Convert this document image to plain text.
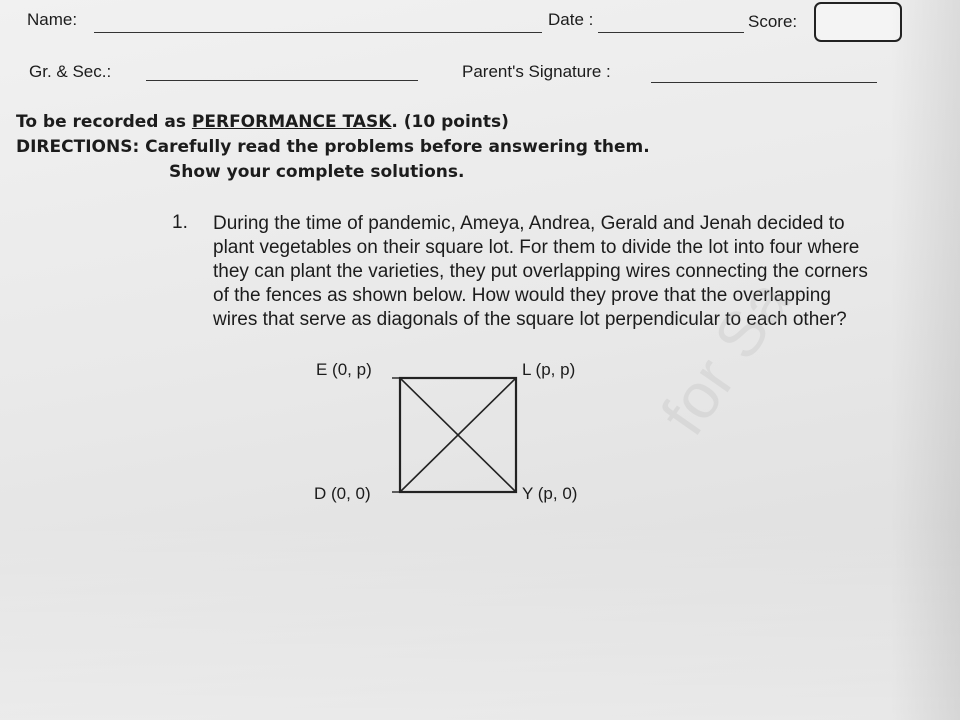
Name:	Date :	Score:
Gr. & Sec.:	Parent's Signature :
To be recorded as PERFORMANCE TASK. (10 points)
DIRECTIONS: Carefully read the problems before answering them.
Show your complete solutions.
1. During the time of pandemic, Ameya, Andrea, Gerald and Jenah decided to
plant vegetables on their square lot. For them to divide the lot into four where
they can plant the varieties, they put overlapping wires connecting the corners
of the fences as shown below. How would they prove that the overlapping
wires that serve as diagonals of the square lot perpendicular to each other?
E (0, p)	L (p, p)
D (0, 0)	Y (p, 0)
for Sa
